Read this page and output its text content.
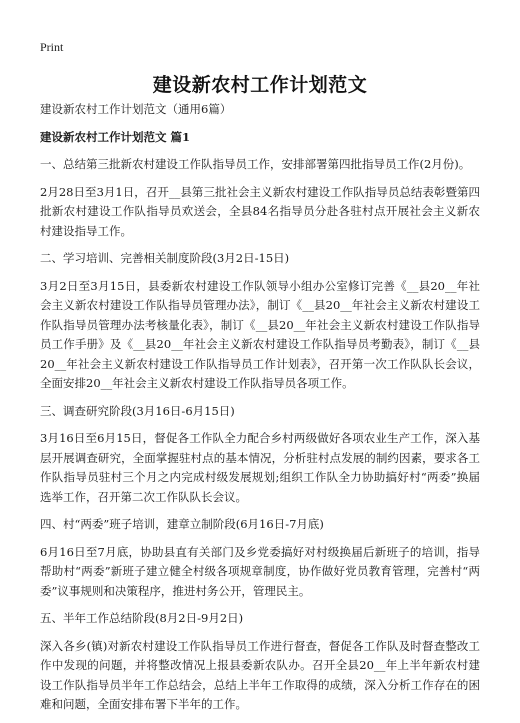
Print
建设新农村工作计划范文

建设新农村工作计划范文（通用6篇）

建设新农村工作计划范文 篇1

一、总结第三批新农村建设工作队指导员工作，安排部署第四批指导员工作(2月份)。

2月28日至3月1日，召开__县第三批社会主义新农村建设工作队指导员总结表彰暨第四批新农村建设工作队指导员欢送会，全县84名指导员分赴各驻村点开展社会主义新农村建设指导工作。

二、学习培训、完善相关制度阶段(3月2日-15日)

3月2日至3月15日，县委新农村建设工作队领导小组办公室修订完善《__县20__年社会主义新农村建设工作队指导员管理办法》，制订《__县20__年社会主义新农村建设工作队指导员管理办法考核量化表》，制订《__县20__年社会主义新农村建设工作队指导员工作手册》及《__县20__年社会主义新农村建设工作队指导员考勤表》，制订《__县20__年社会主义新农村建设工作队指导员工作计划表》，召开第一次工作队队长会议，全面安排20__年社会主义新农村建设工作队指导员各项工作。

三、调查研究阶段(3月16日-6月15日)

3月16日至6月15日，督促各工作队全力配合乡村两级做好各项农业生产工作，深入基层开展调查研究，全面掌握驻村点的基本情况，分析驻村点发展的制约因素，要求各工作队指导员驻村三个月之内完成村级发展规划;组织工作队全力协助搞好村“两委”换届选举工作，召开第二次工作队队长会议。

四、村“两委”班子培训，建章立制阶段(6月16日-7月底)

6月16日至7月底，协助县直有关部门及乡党委搞好对村级换届后新班子的培训，指导帮助村“两委”新班子建立健全村级各项规章制度，协作做好党员教育管理，完善村“两委”议事规则和决策程序，推进村务公开，管理民主。

五、半年工作总结阶段(8月2日-9月2日)

深入各乡(镇)对新农村建设工作队指导员工作进行督查，督促各工作队及时督查整改工作中发现的问题，并将整改情况上报县委新农队办。召开全县20__年上半年新农村建设工作队指导员半年工作总结会，总结上半年工作取得的成绩，深入分析工作存在的困难和问题，全面安排布署下半年的工作。
